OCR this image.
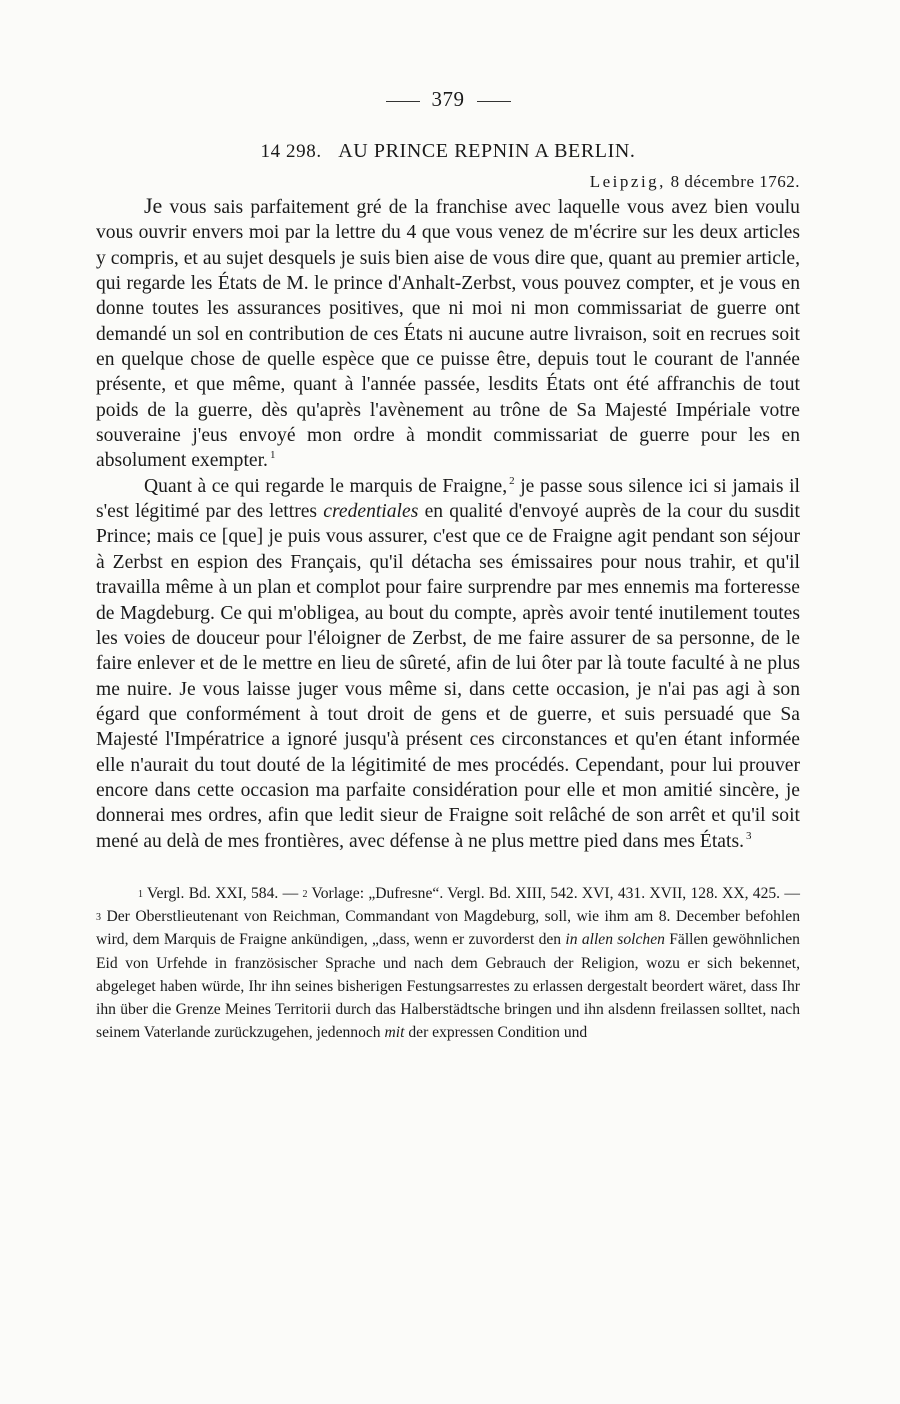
379
14 298. AU PRINCE REPNIN A BERLIN.
Leipzig, 8 décembre 1762.

Je vous sais parfaitement gré de la franchise avec laquelle vous avez bien voulu vous ouvrir envers moi par la lettre du 4 que vous venez de m'écrire sur les deux articles y compris, et au sujet desquels je suis bien aise de vous dire que, quant au premier article, qui regarde les États de M. le prince d'Anhalt-Zerbst, vous pouvez compter, et je vous en donne toutes les assurances positives, que ni moi ni mon commissariat de guerre ont demandé un sol en contribution de ces États ni aucune autre livraison, soit en recrues soit en quelque chose de quelle espèce que ce puisse être, depuis tout le courant de l'année présente, et que même, quant à l'année passée, lesdits États ont été affranchis de tout poids de la guerre, dès qu'après l'avènement au trône de Sa Majesté Impériale votre souveraine j'eus envoyé mon ordre à mondit commissariat de guerre pour les en absolument exempter. $^1$

Quant à ce qui regarde le marquis de Fraigne, $^2$ je passe sous silence ici si jamais il s'est légitimé par des lettres credentiales en qualité d'envoyé auprès de la cour du susdit Prince; mais ce [que] je puis vous assurer, c'est que ce de Fraigne agit pendant son séjour à Zerbst en espion des Français, qu'il détacha ses émissaires pour nous trahir, et qu'il travailla même à un plan et complot pour faire surprendre par mes ennemis ma forteresse de Magdeburg. Ce qui m'obligea, au bout du compte, après avoir tenté inutilement toutes les voies de douceur pour l'éloigner de Zerbst, de me faire assurer de sa personne, de le faire enlever et de le mettre en lieu de sûreté, afin de lui ôter par là toute faculté à ne plus me nuire. Je vous laisse juger vous même si, dans cette occasion, je n'ai pas agi à son égard que conformément à tout droit de gens et de guerre, et suis persuadé que Sa Majesté l'Impératrice a ignoré jusqu'à présent ces circonstances et qu'en étant informée elle n'aurait du tout douté de la légitimité de mes procédés. Cependant, pour lui prouver encore dans cette occasion ma parfaite considération pour elle et mon amitié sincère, je donnerai mes ordres, afin que ledit sieur de Fraigne soit relâché de son arrêt et qu'il soit mené au delà de mes frontières, avec défense à ne plus mettre pied dans mes États. $^3$

$^1$ Vergl. Bd. XXI, 584. — $^2$ Vorlage: „Dufresne“. Vergl. Bd. XIII, 542. XVI, 431. XVII, 128. XX, 425. — $^3$ Der Oberstlieutenant von Reichman, Commandant von Magdeburg, soll, wie ihm am 8. December befohlen wird, dem Marquis de Fraigne ankündigen, „dass, wenn er zuvorderst den in allen solchen Fällen gewöhnlichen Eid von Urfehde in französischer Sprache und nach dem Gebrauch der Religion, wozu er sich bekennet, abgeleget haben würde, Ihr ihn seines bisherigen Festungsarrestes zu erlassen dergestalt beordert wäret, dass Ihr ihn über die Grenze Meines Territorii durch das Halberstädtsche bringen und ihn alsdenn freilassen solltet, nach seinem Vaterlande zurückzugehen, jedennoch mit der expressen Condition und
